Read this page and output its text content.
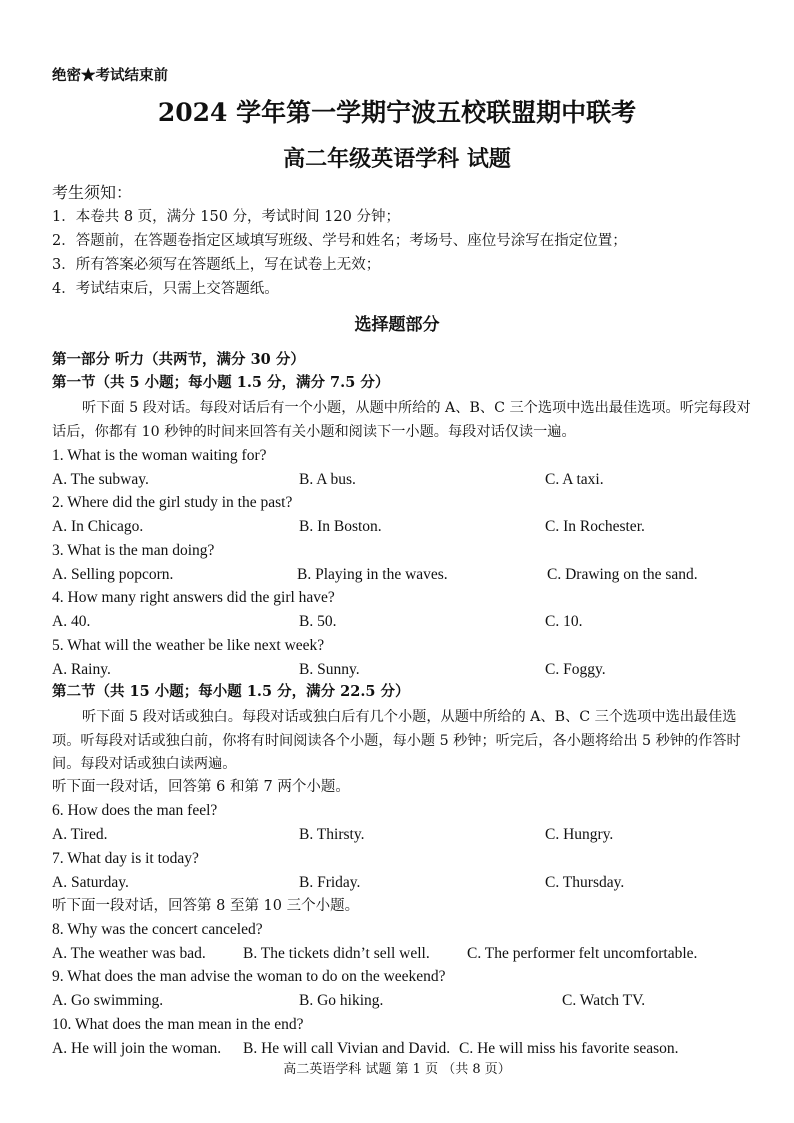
绝密★考试结束前
2024 学年第一学期宁波五校联盟期中联考
高二年级英语学科 试题
考生须知：
1．本卷共 8 页，满分 150 分，考试时间 120 分钟；
2．答题前，在答题卷指定区域填写班级、学号和姓名；考场号、座位号涂写在指定位置；
3．所有答案必须写在答题纸上，写在试卷上无效；
4．考试结束后，只需上交答题纸。
选择题部分
第一部分 听力（共两节，满分 30 分）
第一节（共 5 小题；每小题 1.5 分，满分 7.5 分）
听下面 5 段对话。每段对话后有一个小题，从题中所给的 A、B、C 三个选项中选出最佳选项。听完每段对话后，你都有 10 秒钟的时间来回答有关小题和阅读下一小题。每段对话仅读一遍。
1. What is the woman waiting for?
A. The subway.	B. A bus.	C. A taxi.
2. Where did the girl study in the past?
A. In Chicago.	B. In Boston.	C. In Rochester.
3. What is the man doing?
A. Selling popcorn.	B. Playing in the waves.	C. Drawing on the sand.
4. How many right answers did the girl have?
A. 40.	B. 50.	C. 10.
5. What will the weather be like next week?
A. Rainy.	B. Sunny.	C. Foggy.
第二节（共 15 小题；每小题 1.5 分，满分 22.5 分）
听下面 5 段对话或独白。每段对话或独白后有几个小题，从题中所给的 A、B、C 三个选项中选出最佳选项。听每段对话或独白前，你将有时间阅读各个小题，每小题 5 秒钟；听完后，各小题将给出 5 秒钟的作答时间。每段对话或独白读两遍。
听下面一段对话，回答第 6 和第 7 两个小题。
6. How does the man feel?
A. Tired.	B. Thirsty.	C. Hungry.
7. What day is it today?
A. Saturday.	B. Friday.	C. Thursday.
听下面一段对话，回答第 8 至第 10 三个小题。
8. Why was the concert canceled?
A. The weather was bad. B. The tickets didn’t sell well. C. The performer felt uncomfortable.
9. What does the man advise the woman to do on the weekend?
A. Go swimming.	B. Go hiking.	C. Watch TV.
10. What does the man mean in the end?
A. He will join the woman. B. He will call Vivian and David. C. He will miss his favorite season.
高二英语学科 试题 第 1 页 （共 8 页）
